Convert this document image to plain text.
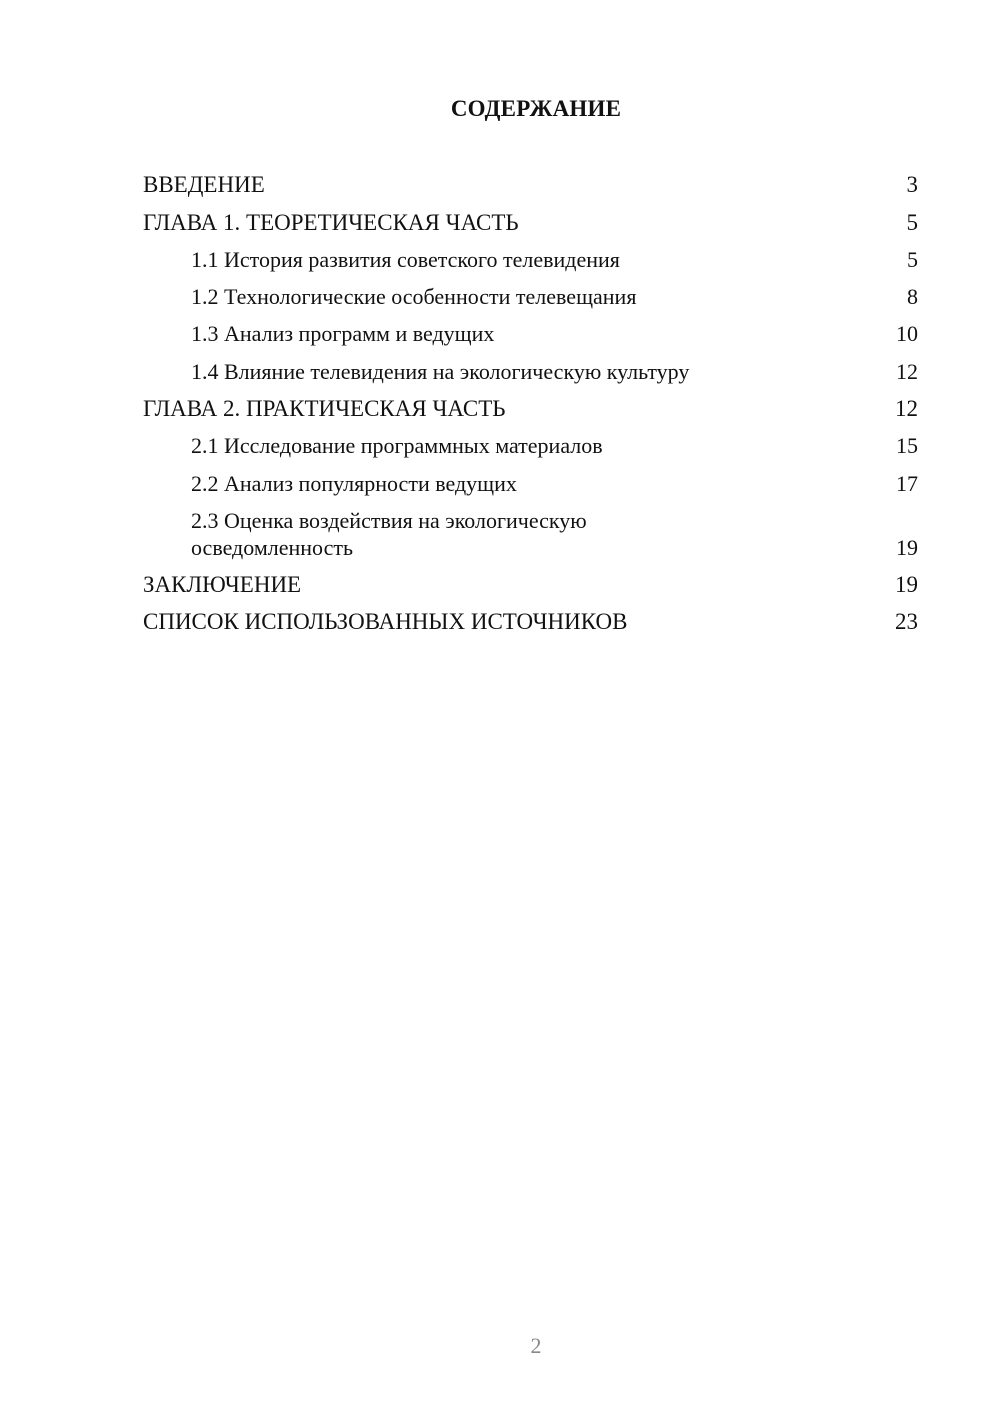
СОДЕРЖАНИЕ
ВВЕДЕНИЕ	3
ГЛАВА 1. ТЕОРЕТИЧЕСКАЯ ЧАСТЬ	5
1.1 История развития советского телевидения	5
1.2 Технологические особенности телевещания	8
1.3 Анализ программ и ведущих	10
1.4 Влияние телевидения на экологическую культуру	12
ГЛАВА 2. ПРАКТИЧЕСКАЯ ЧАСТЬ	12
2.1 Исследование программных материалов	15
2.2 Анализ популярности ведущих	17
2.3 Оценка воздействия на экологическую осведомленность	19
ЗАКЛЮЧЕНИЕ	19
СПИСОК ИСПОЛЬЗОВАННЫХ ИСТОЧНИКОВ	23
2
